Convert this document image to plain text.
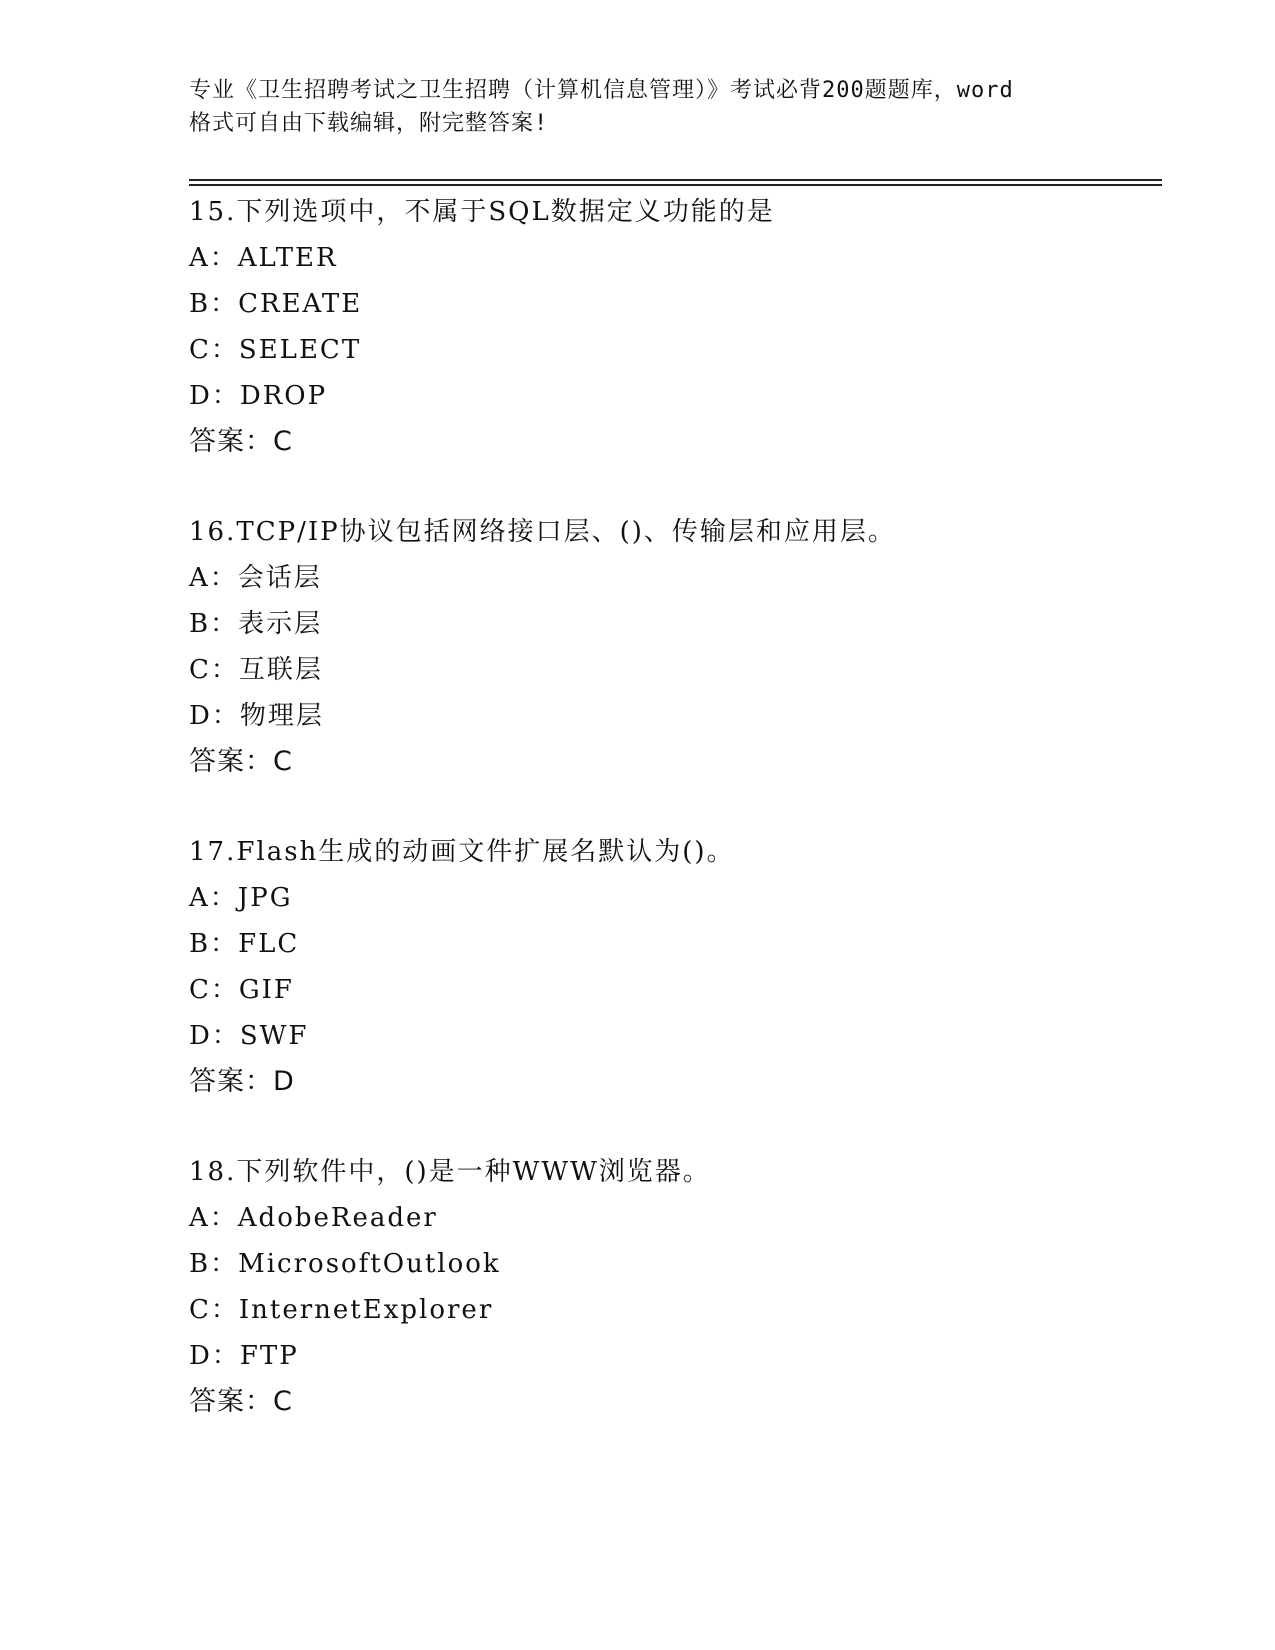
专业《卫生招聘考试之卫生招聘（计算机信息管理）》考试必背200题题库，word
格式可自由下载编辑，附完整答案!
15.下列选项中，不属于SQL数据定义功能的是
A：ALTER
B：CREATE
C：SELECT
D：DROP
答案：C
16.TCP/IP协议包括网络接口层、()、传输层和应用层。
A：会话层
B：表示层
C：互联层
D：物理层
答案：C
17.Flash生成的动画文件扩展名默认为()。
A：JPG
B：FLC
C：GIF
D：SWF
答案：D
18.下列软件中，()是一种WWW浏览器。
A：AdobeReader
B：MicrosoftOutlook
C：InternetExplorer
D：FTP
答案：C
